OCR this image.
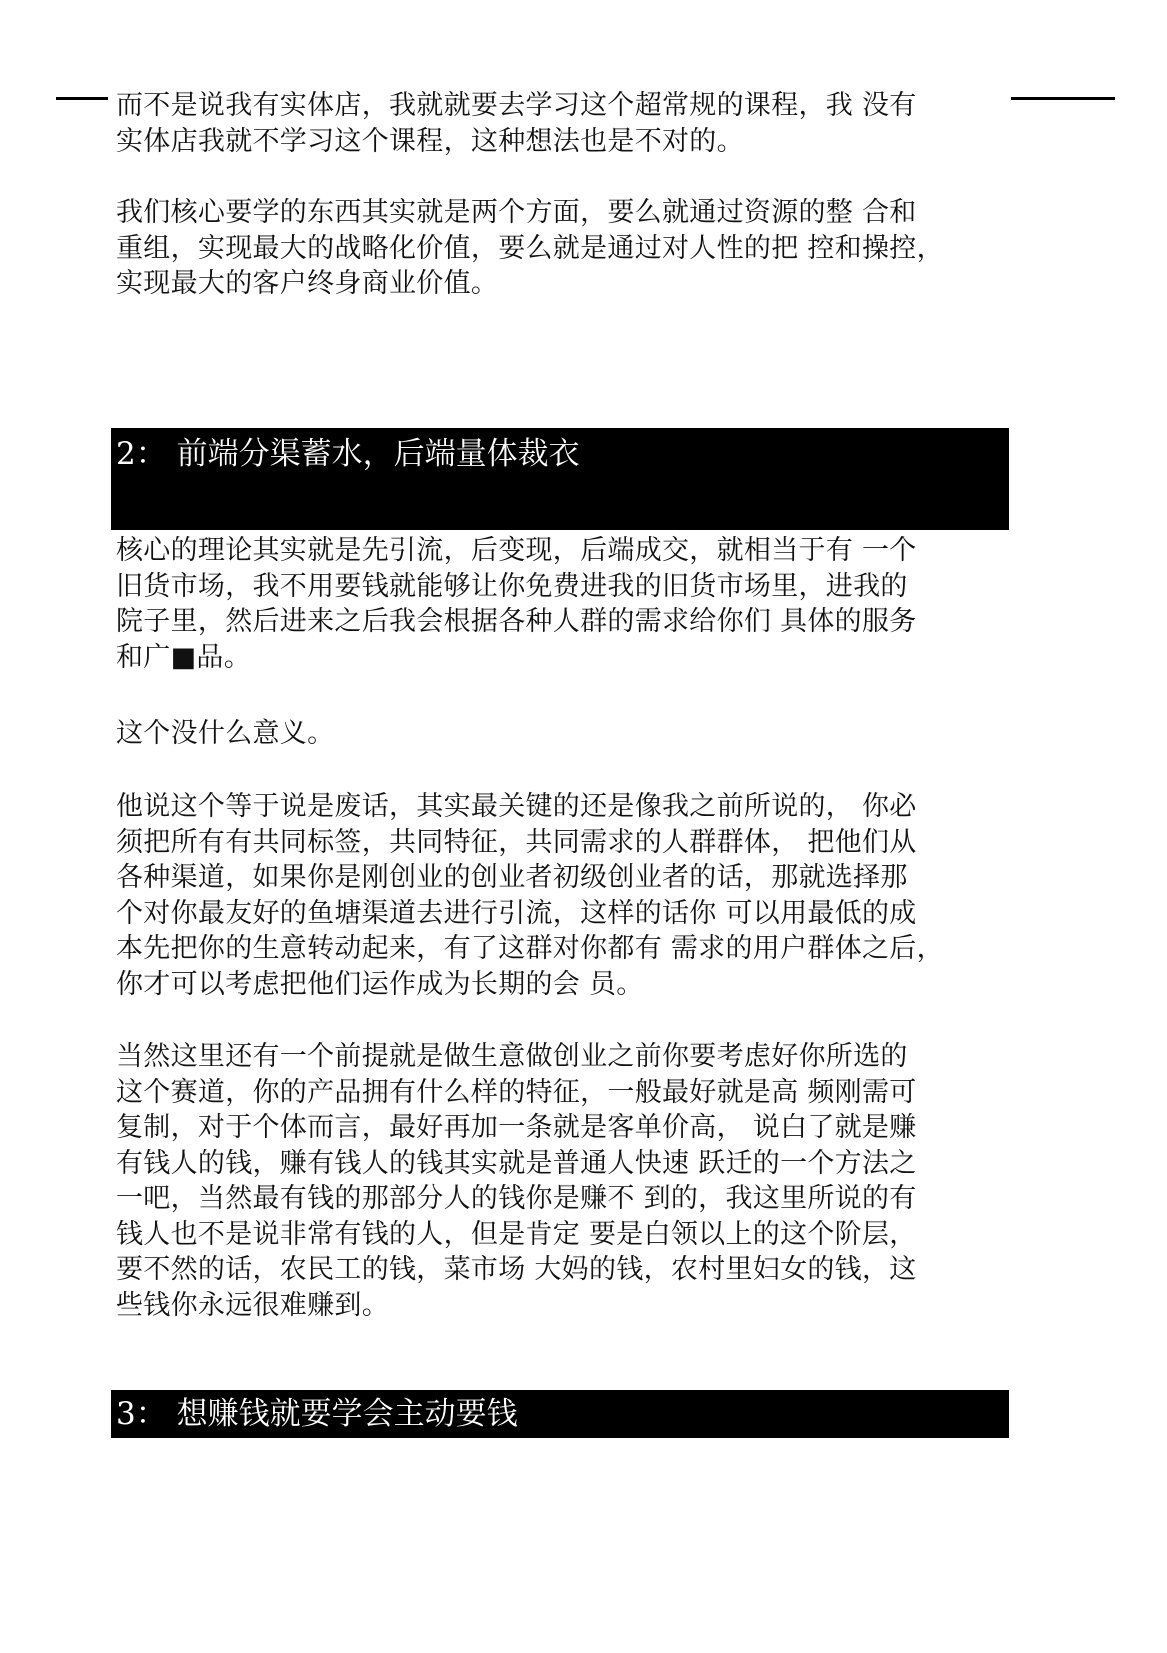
而不是说我有实体店，我就就要去学习这个超常规的课程，我 没有
实体店我就不学习这个课程，这种想法也是不对的。
我们核心要学的东西其实就是两个方面，要么就通过资源的整 合和
重组，实现最大的战略化价值，要么就是通过对人性的把 控和操控，
实现最大的客户终身商业价值。
2： 前端分渠蓄水，后端量体裁衣
核心的理论其实就是先引流，后变现，后端成交，就相当于有 一个
旧货市场，我不用要钱就能够让你免费进我的旧货市场里，进我的
院子里，然后进来之后我会根据各种人群的需求给你们 具体的服务
和广■品。
这个没什么意义。
他说这个等于说是废话，其实最关键的还是像我之前所说的， 你必
须把所有有共同标签，共同特征，共同需求的人群群体， 把他们从
各种渠道，如果你是刚创业的创业者初级创业者的话，那就选择那
个对你最友好的鱼塘渠道去进行引流，这样的话你 可以用最低的成
本先把你的生意转动起来，有了这群对你都有 需求的用户群体之后，
你才可以考虑把他们运作成为长期的会 员。
当然这里还有一个前提就是做生意做创业之前你要考虑好你所选的
这个赛道，你的产品拥有什么样的特征，一般最好就是高 频刚需可
复制，对于个体而言，最好再加一条就是客单价高， 说白了就是赚
有钱人的钱，赚有钱人的钱其实就是普通人快速 跃迁的一个方法之
一吧，当然最有钱的那部分人的钱你是赚不 到的，我这里所说的有
钱人也不是说非常有钱的人，但是肯定 要是白领以上的这个阶层，
要不然的话，农民工的钱，菜市场 大妈的钱，农村里妇女的钱，这
些钱你永远很难赚到。
3： 想赚钱就要学会主动要钱
